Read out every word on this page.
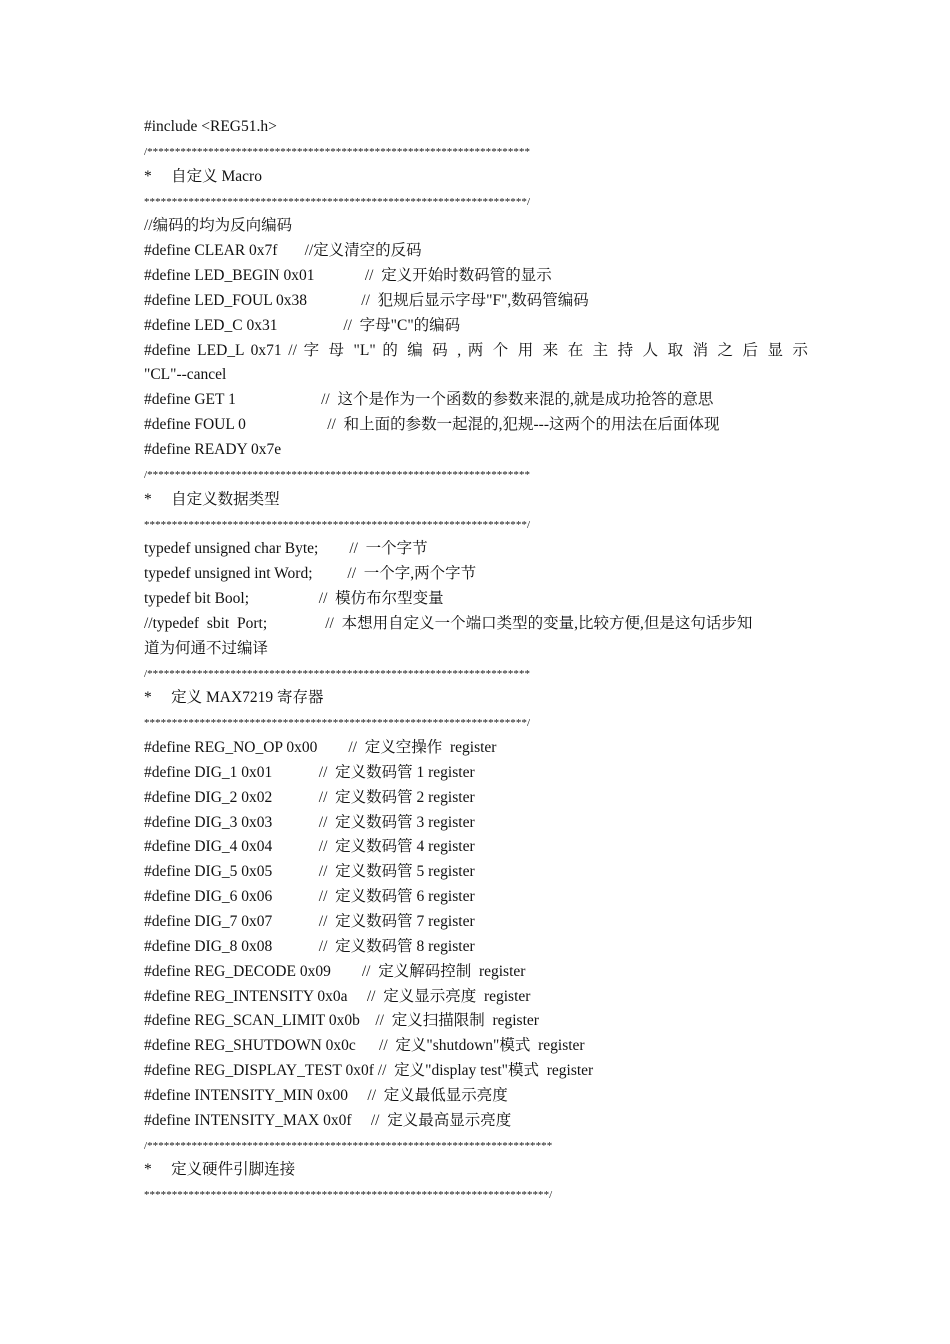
#include <REG51.h>
/*********************************************************************
*     自定义 Macro
*********************************************************************/
//编码的均为反向编码
#define CLEAR 0x7f       //定义清空的反码
#define LED_BEGIN 0x01             //  定义开始时数码管的显示
#define LED_FOUL 0x38              //  犯规后显示字母"F",数码管编码
#define LED_C 0x31                 //  字母"C"的编码
#define LED_L 0x71 // 字 母 "L" 的 编 码 , 两 个 用 来 在 主 持 人 取 消 之 后 显 示
"CL"--cancel
#define GET 1                      //  这个是作为一个函数的参数来混的,就是成功抢答的意思
#define FOUL 0                     //  和上面的参数一起混的,犯规---这两个的用法在后面体现
#define READY 0x7e
/*********************************************************************
*     自定义数据类型
*********************************************************************/
typedef unsigned char Byte;        //  一个字节
typedef unsigned int Word;         //  一个字,两个字节
typedef bit Bool;                  //  模仿布尔型变量
//typedef  sbit  Port;               //  本想用自定义一个端口类型的变量,比较方便,但是这句话步知
道为何通不过编译
/*********************************************************************
*     定义 MAX7219 寄存器
*********************************************************************/
#define REG_NO_OP 0x00        //  定义空操作  register
#define DIG_1 0x01            //  定义数码管 1 register
#define DIG_2 0x02            //  定义数码管 2 register
#define DIG_3 0x03            //  定义数码管 3 register
#define DIG_4 0x04            //  定义数码管 4 register
#define DIG_5 0x05            //  定义数码管 5 register
#define DIG_6 0x06            //  定义数码管 6 register
#define DIG_7 0x07            //  定义数码管 7 register
#define DIG_8 0x08            //  定义数码管 8 register
#define REG_DECODE 0x09        //  定义解码控制  register
#define REG_INTENSITY 0x0a     //  定义显示亮度  register
#define REG_SCAN_LIMIT 0x0b    //  定义扫描限制  register
#define REG_SHUTDOWN 0x0c      //  定义"shutdown"模式  register
#define REG_DISPLAY_TEST 0x0f //  定义"display test"模式  register
#define INTENSITY_MIN 0x00     //  定义最低显示亮度
#define INTENSITY_MAX 0x0f     //  定义最高显示亮度
/*************************************************************************
*     定义硬件引脚连接
*************************************************************************/
